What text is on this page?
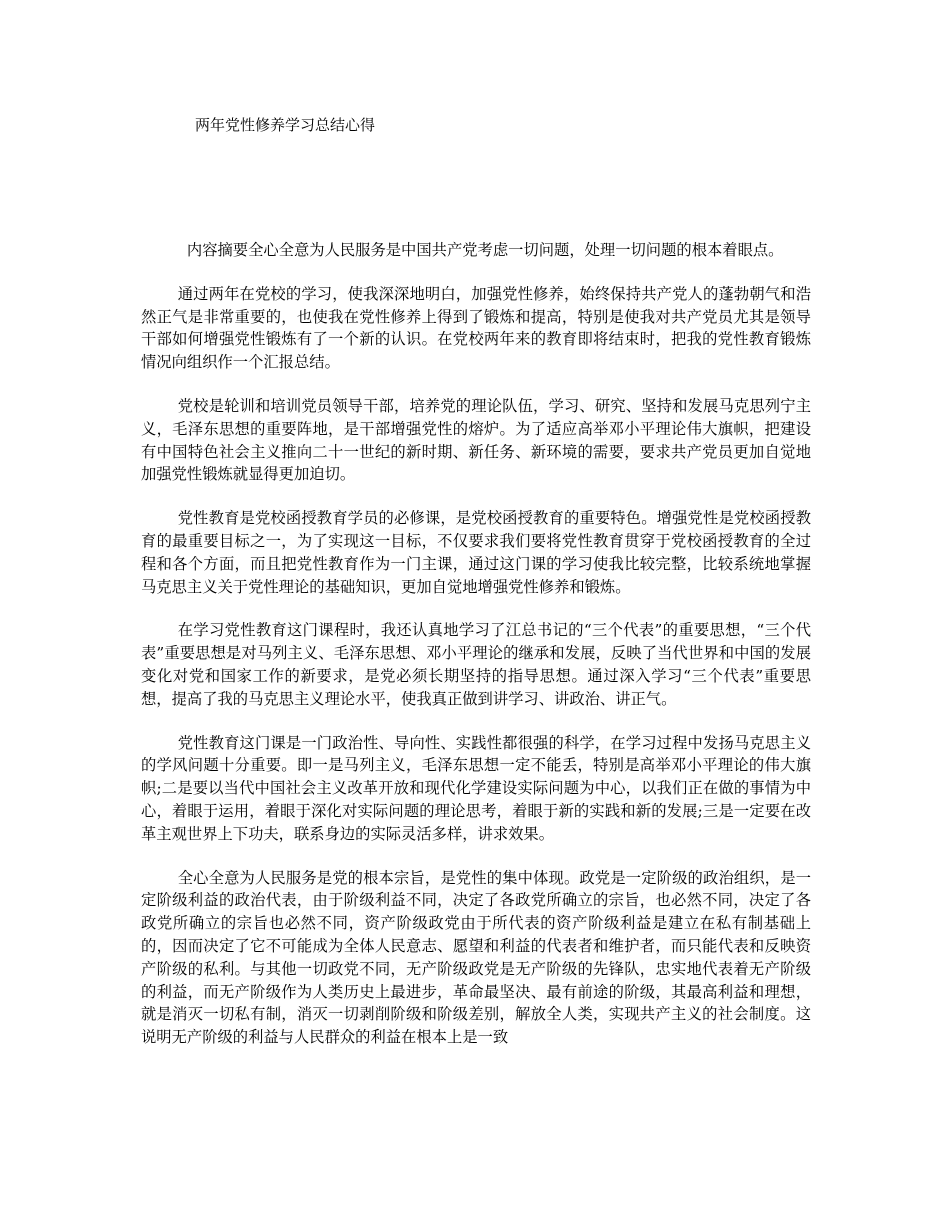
两年党性修养学习总结心得

内容摘要全心全意为人民服务是中国共产党考虑一切问题，处理一切问题的根本着眼点。

通过两年在党校的学习，使我深深地明白，加强党性修养，始终保持共产党人的蓬勃朝气和浩然正气是非常重要的，也使我在党性修养上得到了锻炼和提高，特别是使我对共产党员尤其是领导干部如何增强党性锻炼有了一个新的认识。在党校两年来的教育即将结束时，把我的党性教育锻炼情况向组织作一个汇报总结。

党校是轮训和培训党员领导干部，培养党的理论队伍，学习、研究、坚持和发展马克思列宁主义，毛泽东思想的重要阵地，是干部增强党性的熔炉。为了适应高举邓小平理论伟大旗帜，把建设有中国特色社会主义推向二十一世纪的新时期、新任务、新环境的需要，要求共产党员更加自觉地加强党性锻炼就显得更加迫切。

党性教育是党校函授教育学员的必修课，是党校函授教育的重要特色。增强党性是党校函授教育的最重要目标之一，为了实现这一目标，不仅要求我们要将党性教育贯穿于党校函授教育的全过程和各个方面，而且把党性教育作为一门主课，通过这门课的学习使我比较完整，比较系统地掌握马克思主义关于党性理论的基础知识，更加自觉地增强党性修养和锻炼。

在学习党性教育这门课程时，我还认真地学习了江总书记的“三个代表”的重要思想，“三个代表”重要思想是对马列主义、毛泽东思想、邓小平理论的继承和发展，反映了当代世界和中国的发展变化对党和国家工作的新要求，是党必须长期坚持的指导思想。通过深入学习“三个代表”重要思想，提高了我的马克思主义理论水平，使我真正做到讲学习、讲政治、讲正气。

党性教育这门课是一门政治性、导向性、实践性都很强的科学，在学习过程中发扬马克思主义的学风问题十分重要。即一是马列主义，毛泽东思想一定不能丢，特别是高举邓小平理论的伟大旗帜;二是要以当代中国社会主义改革开放和现代化学建设实际问题为中心，以我们正在做的事情为中心，着眼于运用，着眼于深化对实际问题的理论思考，着眼于新的实践和新的发展;三是一定要在改革主观世界上下功夫，联系身边的实际灵活多样，讲求效果。

全心全意为人民服务是党的根本宗旨，是党性的集中体现。政党是一定阶级的政治组织，是一定阶级利益的政治代表，由于阶级利益不同，决定了各政党所确立的宗旨，也必然不同，决定了各政党所确立的宗旨也必然不同，资产阶级政党由于所代表的资产阶级利益是建立在私有制基础上的，因而决定了它不可能成为全体人民意志、愿望和利益的代表者和维护者，而只能代表和反映资产阶级的私利。与其他一切政党不同，无产阶级政党是无产阶级的先锋队，忠实地代表着无产阶级的利益，而无产阶级作为人类历史上最进步，革命最坚决、最有前途的阶级，其最高利益和理想，就是消灭一切私有制，消灭一切剥削阶级和阶级差别，解放全人类，实现共产主义的社会制度。这说明无产阶级的利益与人民群众的利益在根本上是一致
